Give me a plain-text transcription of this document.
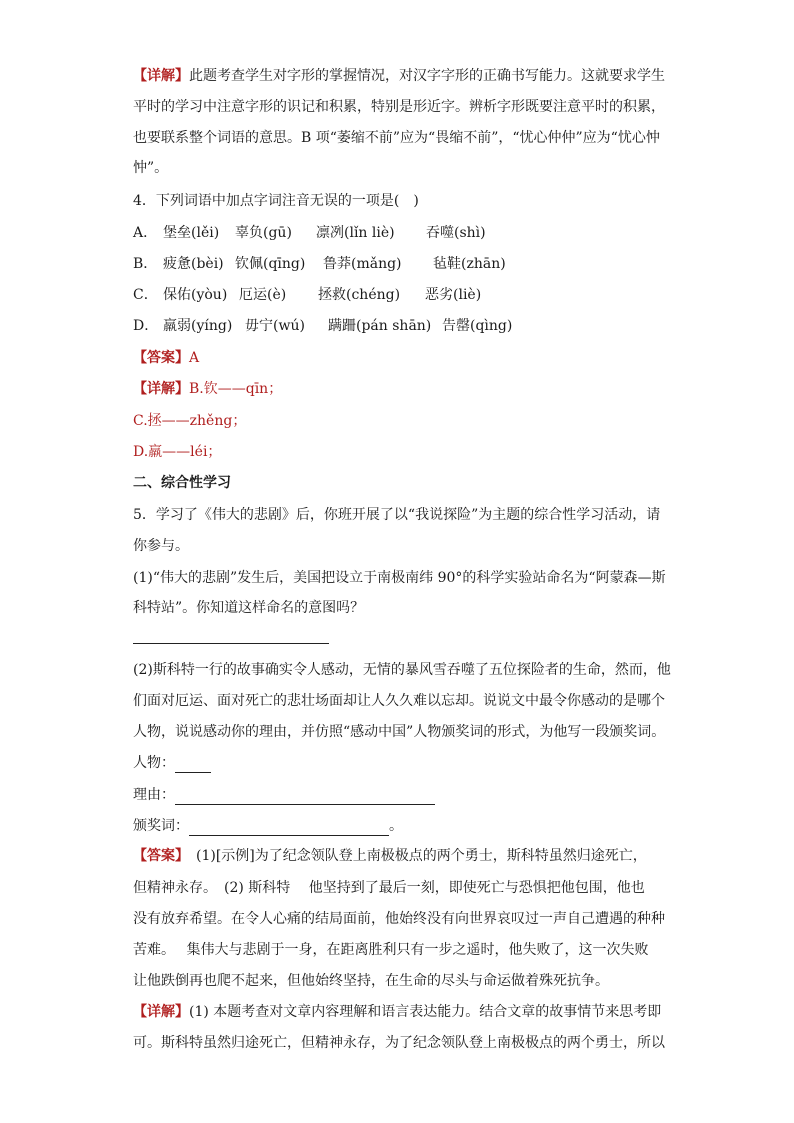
【详解】此题考查学生对字形的掌握情况，对汉字字形的正确书写能力。这就要求学生
平时的学习中注意字形的识记和积累，特别是形近字。辨析字形既要注意平时的积累，
也要联系整个词语的意思。B 项“萎缩不前”应为“畏缩不前”，“忧心仲仲”应为“忧心忡
忡”。
4．下列词语中加点字词注音无误的一项是(　)
A． 堡垒(lěi) 辜负(gū) 凛冽(lǐn liè) 吞噬(shì)
B． 疲惫(bèi) 钦佩(qīng) 鲁莽(mǎng) 毡鞋(zhān)
C． 保佑(yòu) 厄运(è) 拯救(chéng) 恶劣(liè)
D． 羸弱(yíng) 毋宁(wú) 蹒跚(pán shān) 告罄(qìng)
【答案】A
【详解】B.钦——qīn；
C.拯——zhěng；
D.羸——léi；
二、综合性学习
5．学习了《伟大的悲剧》后，你班开展了以“我说探险”为主题的综合性学习活动，请
你参与。
(1)“伟大的悲剧”发生后，美国把设立于南极南纬 90°的科学实验站命名为“阿蒙森—斯
科特站”。你知道这样命名的意图吗？
(2)斯科特一行的故事确实令人感动，无情的暴风雪吞噬了五位探险者的生命，然而，他
们面对厄运、面对死亡的悲壮场面却让人久久难以忘却。说说文中最令你感动的是哪个
人物，说说感动你的理由，并仿照“感动中国”人物颁奖词的形式，为他写一段颁奖词。
人物：
理由：
颁奖词：	。
【答案】　(1)[示例]为了纪念领队登上南极极点的两个勇士，斯科特虽然归途死亡，
但精神永存。　(2) 斯科特　 他坚持到了最后一刻，即使死亡与恐惧把他包围，他也
没有放弃希望。在令人心痛的结局面前，他始终没有向世界哀叹过一声自己遭遇的种种
苦难。　 集伟大与悲剧于一身，在距离胜利只有一步之遥时，他失败了，这一次失败
让他跌倒再也爬不起来，但他始终坚持，在生命的尽头与命运做着殊死抗争。
【详解】(1) 本题考查对文章内容理解和语言表达能力。结合文章的故事情节来思考即
可。斯科特虽然归途死亡，但精神永存，为了纪念领队登上南极极点的两个勇士，所以
